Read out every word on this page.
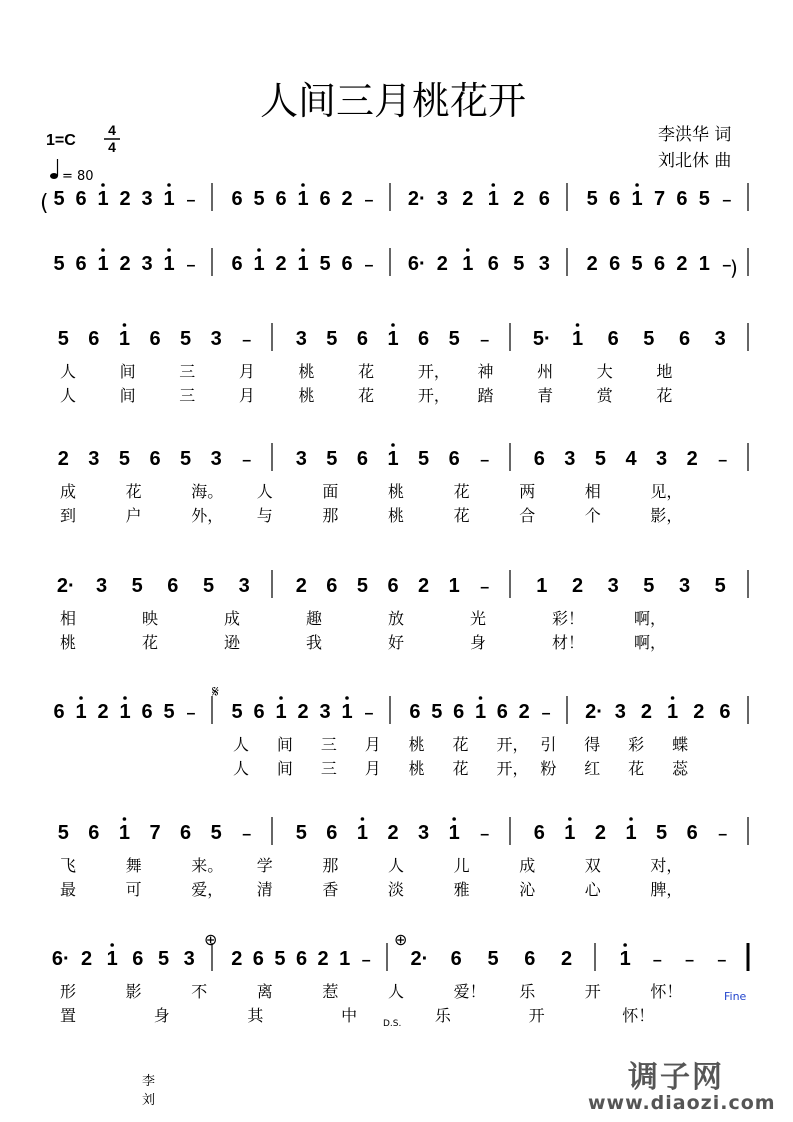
人间三月桃花开
1=C
4
4
= 80
李洪华 词
刘北休 曲
5 6 1 2 3 1 – 6 5 6 1 6 2 – 2· 3 2 1 2 6 5 6 1 7 6 5 –
5 6 1 2 3 1 – 6 1 2 1 5 6 – 6· 2 1 6 5 3 2 6 5 6 2 1 –
5 6 1 6 5 3 – 3 5 6 1 6 5 – 5· 1 6 5 6 3
人	间	三	月	桃	花	开， 神	州	大	地
人	间	三	月	桃	花	开， 踏	青	赏	花
2 3 5 6 5 3 – 3 5 6 1 5 6 – 6 3 5 4 3 2 –
成	花	海。 人	面	桃	花	两	相	见，
到	户	外， 与	那	桃	花	合	个	影，
2· 3 5 6 5 3 2 6 5 6 2 1 – 1 2 3 5 3 5
相	映	成	趣	放	光	彩！	啊，
桃	花	逊	我	好	身	材！	啊，
6 1 2 1 6 5 – 5 6 1 2 3 1 – 6 5 6 1 6 2 – 2· 3 2 1 2 6
人 间 三 月 桃 花 开， 引 得 彩 蝶
人 间 三 月 桃 花 开， 粉 红 花 蕊
5 6 1 7 6 5 – 5 6 1 2 3 1 – 6 1 2 1 5 6 –
飞	舞	来。 学	那	人	儿	成	双	对，
最	可	爱， 清	香	淡	雅	沁	心	脾，
6· 2 1 6 5 3 2 6 5 6 2 1 – 2· 6 5 6 2 1 – – –
形	影	不	离	惹	人	爱！ 乐	开	怀！
置	身	其	中	乐	开	怀！
(
)
𝄋
⊕	⊕
Fine
D.S.
李
刘
调子网
www.diaozi.com
